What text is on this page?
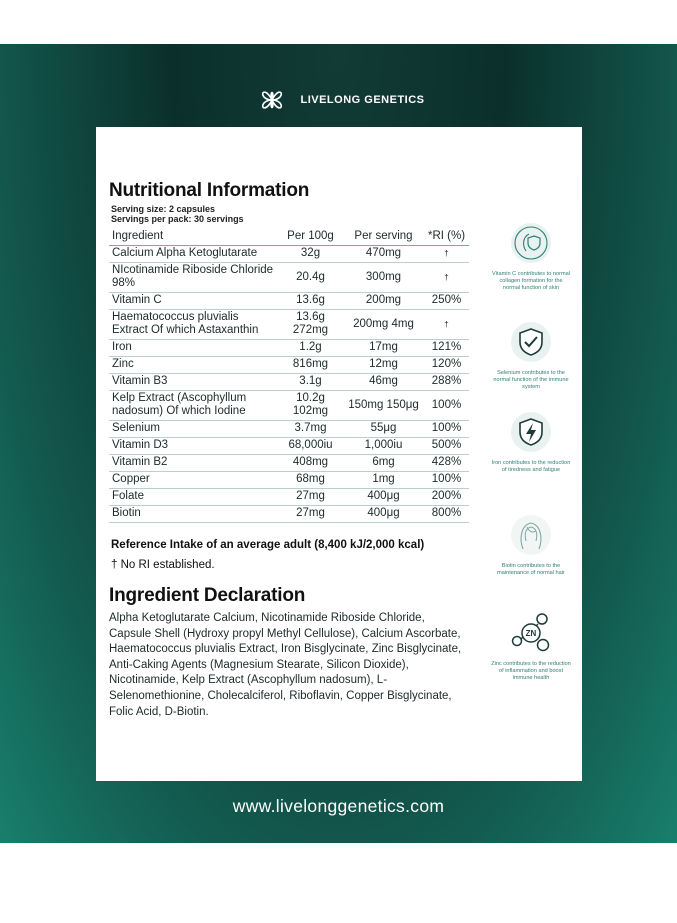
LIVELONG GENETICS
Nutritional Information
Serving size: 2 capsules
Servings per pack: 30 servings
Ingredient	Per 100g	Per serving	*RI (%)
Calcium Alpha Ketoglutarate	32g	470mg	†
NIcotinamide Riboside Chloride 98%	20.4g	300mg	†
Vitamin C	13.6g	200mg	250%
Haematococcus pluvialis Extract Of which Astaxanthin	13.6g 272mg	200mg 4mg	†
Iron	1.2g	17mg	121%
Zinc	816mg	12mg	120%
Vitamin B3	3.1g	46mg	288%
Kelp Extract (Ascophyllum nadosum) Of which Iodine	10.2g 102mg	150mg 150μg	100%
Selenium	3.7mg	55μg	100%
Vitamin D3	68,000iu	1,000iu	500%
Vitamin B2	408mg	6mg	428%
Copper	68mg	1mg	100%
Folate	27mg	400μg	200%
Biotin	27mg	400μg	800%
Reference Intake of an average adult (8,400 kJ/2,000 kcal)
† No RI established.
Ingredient Declaration
Alpha Ketoglutarate Calcium, Nicotinamide Riboside Chloride, Capsule Shell (Hydroxy propyl Methyl Cellulose), Calcium Ascorbate, Haematococcus pluvialis Extract, Iron Bisglycinate, Zinc Bisglycinate, Anti-Caking Agents (Magnesium Stearate, Silicon Dioxide), Nicotinamide, Kelp Extract (Ascophyllum nadosum), L-Selenomethionine, Cholecalciferol, Riboflavin, Copper Bisglycinate, Folic Acid, D-Biotin.
Vitamin C contributes to normal collagen formation for the normal function of skin
Selenium contributes to the normal function of the immune system
Iron contributes to the reduction of tiredness and fatigue
Biotin contributes to the maintenance of normal hair
ZN
Zinc contributes to the reduction of inflammation and boost immune health
www.livelonggenetics.com
